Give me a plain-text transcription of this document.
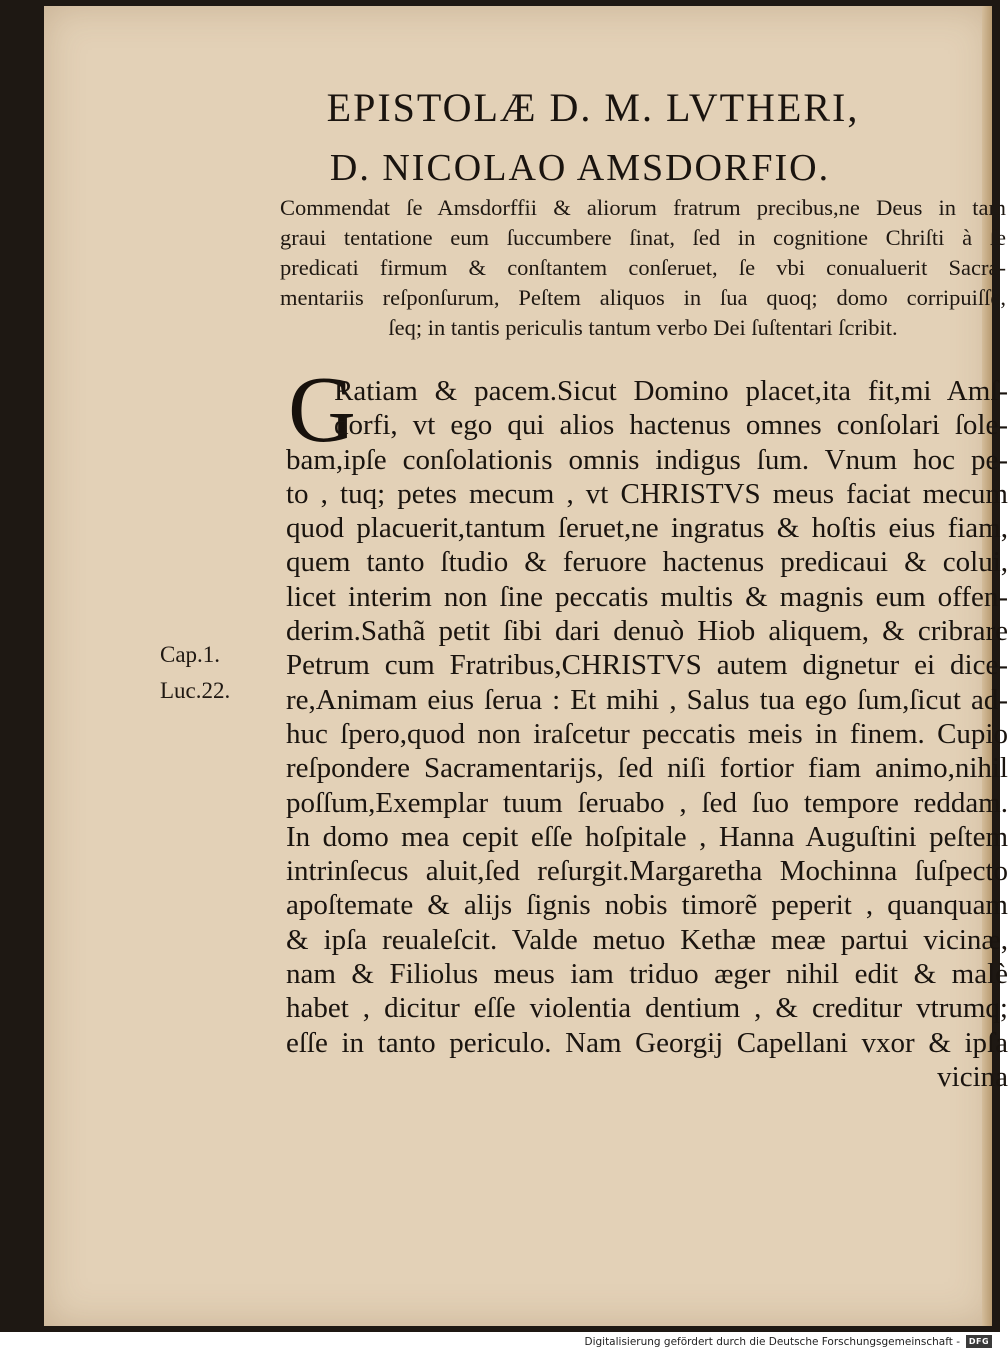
EPISTOLÆ D. M. LVTHERI,
D. NICOLAO AMSDORFIO.
Commendat ſe Amsdorffii & aliorum fratrum precibus,ne Deus in tam
graui tentatione eum ſuccumbere ſinat, ſed in cognitione Chriſti à ſe
predicati firmum & conſtantem conſeruet, ſe vbi conualuerit Sacra-
mentariis reſponſurum, Peſtem aliquos in ſua quoq; domo corripuiſſe,
ſeq; in tantis periculis tantum verbo Dei ſuſtentari ſcribit.
G
Ratiam & pacem.Sicut Domino placet,ita fit,mi Amſ-
dorfi, vt ego qui alios hactenus omnes conſolari ſole-
bam,ipſe conſolationis omnis indigus ſum. Vnum hoc pe-
to , tuq; petes mecum , vt CHRISTVS meus faciat mecum
quod placuerit,tantum ſeruet,ne ingratus & hoſtis eius fiam,
quem tanto ſtudio & feruore hactenus predicaui & colui,
licet interim non ſine peccatis multis & magnis eum offen-
derim.Sathã petit ſibi dari denuò Hiob aliquem, & cribrare
Petrum cum Fratribus,CHRISTVS autem dignetur ei dice-
re,Animam eius ſerua : Et mihi , Salus tua ego ſum,ſicut ad-
huc ſpero,quod non iraſcetur peccatis meis in finem. Cupio
reſpondere Sacramentarijs, ſed niſi fortior fiam animo,nihil
poſſum,Exemplar tuum ſeruabo , ſed ſuo tempore reddam.
In domo mea cepit eſſe hoſpitale , Hanna Auguſtini peſtem
intrinſecus aluit,ſed reſurgit.Margaretha Mochinna ſuſpecto
apoſtemate & alijs ſignis nobis timorẽ peperit , quanquam
& ipſa reualeſcit. Valde metuo Kethæ meæ partui vicinæ,
nam & Filiolus meus iam triduo æger nihil edit & malè
habet , dicitur eſſe violentia dentium , & creditur vtrumq;
eſſe in tanto periculo. Nam Georgij Capellani vxor & ipſa
vicina
Cap.1.
Luc.22.
Digitalisierung gefördert durch die Deutsche Forschungsgemeinschaft -	DFG
